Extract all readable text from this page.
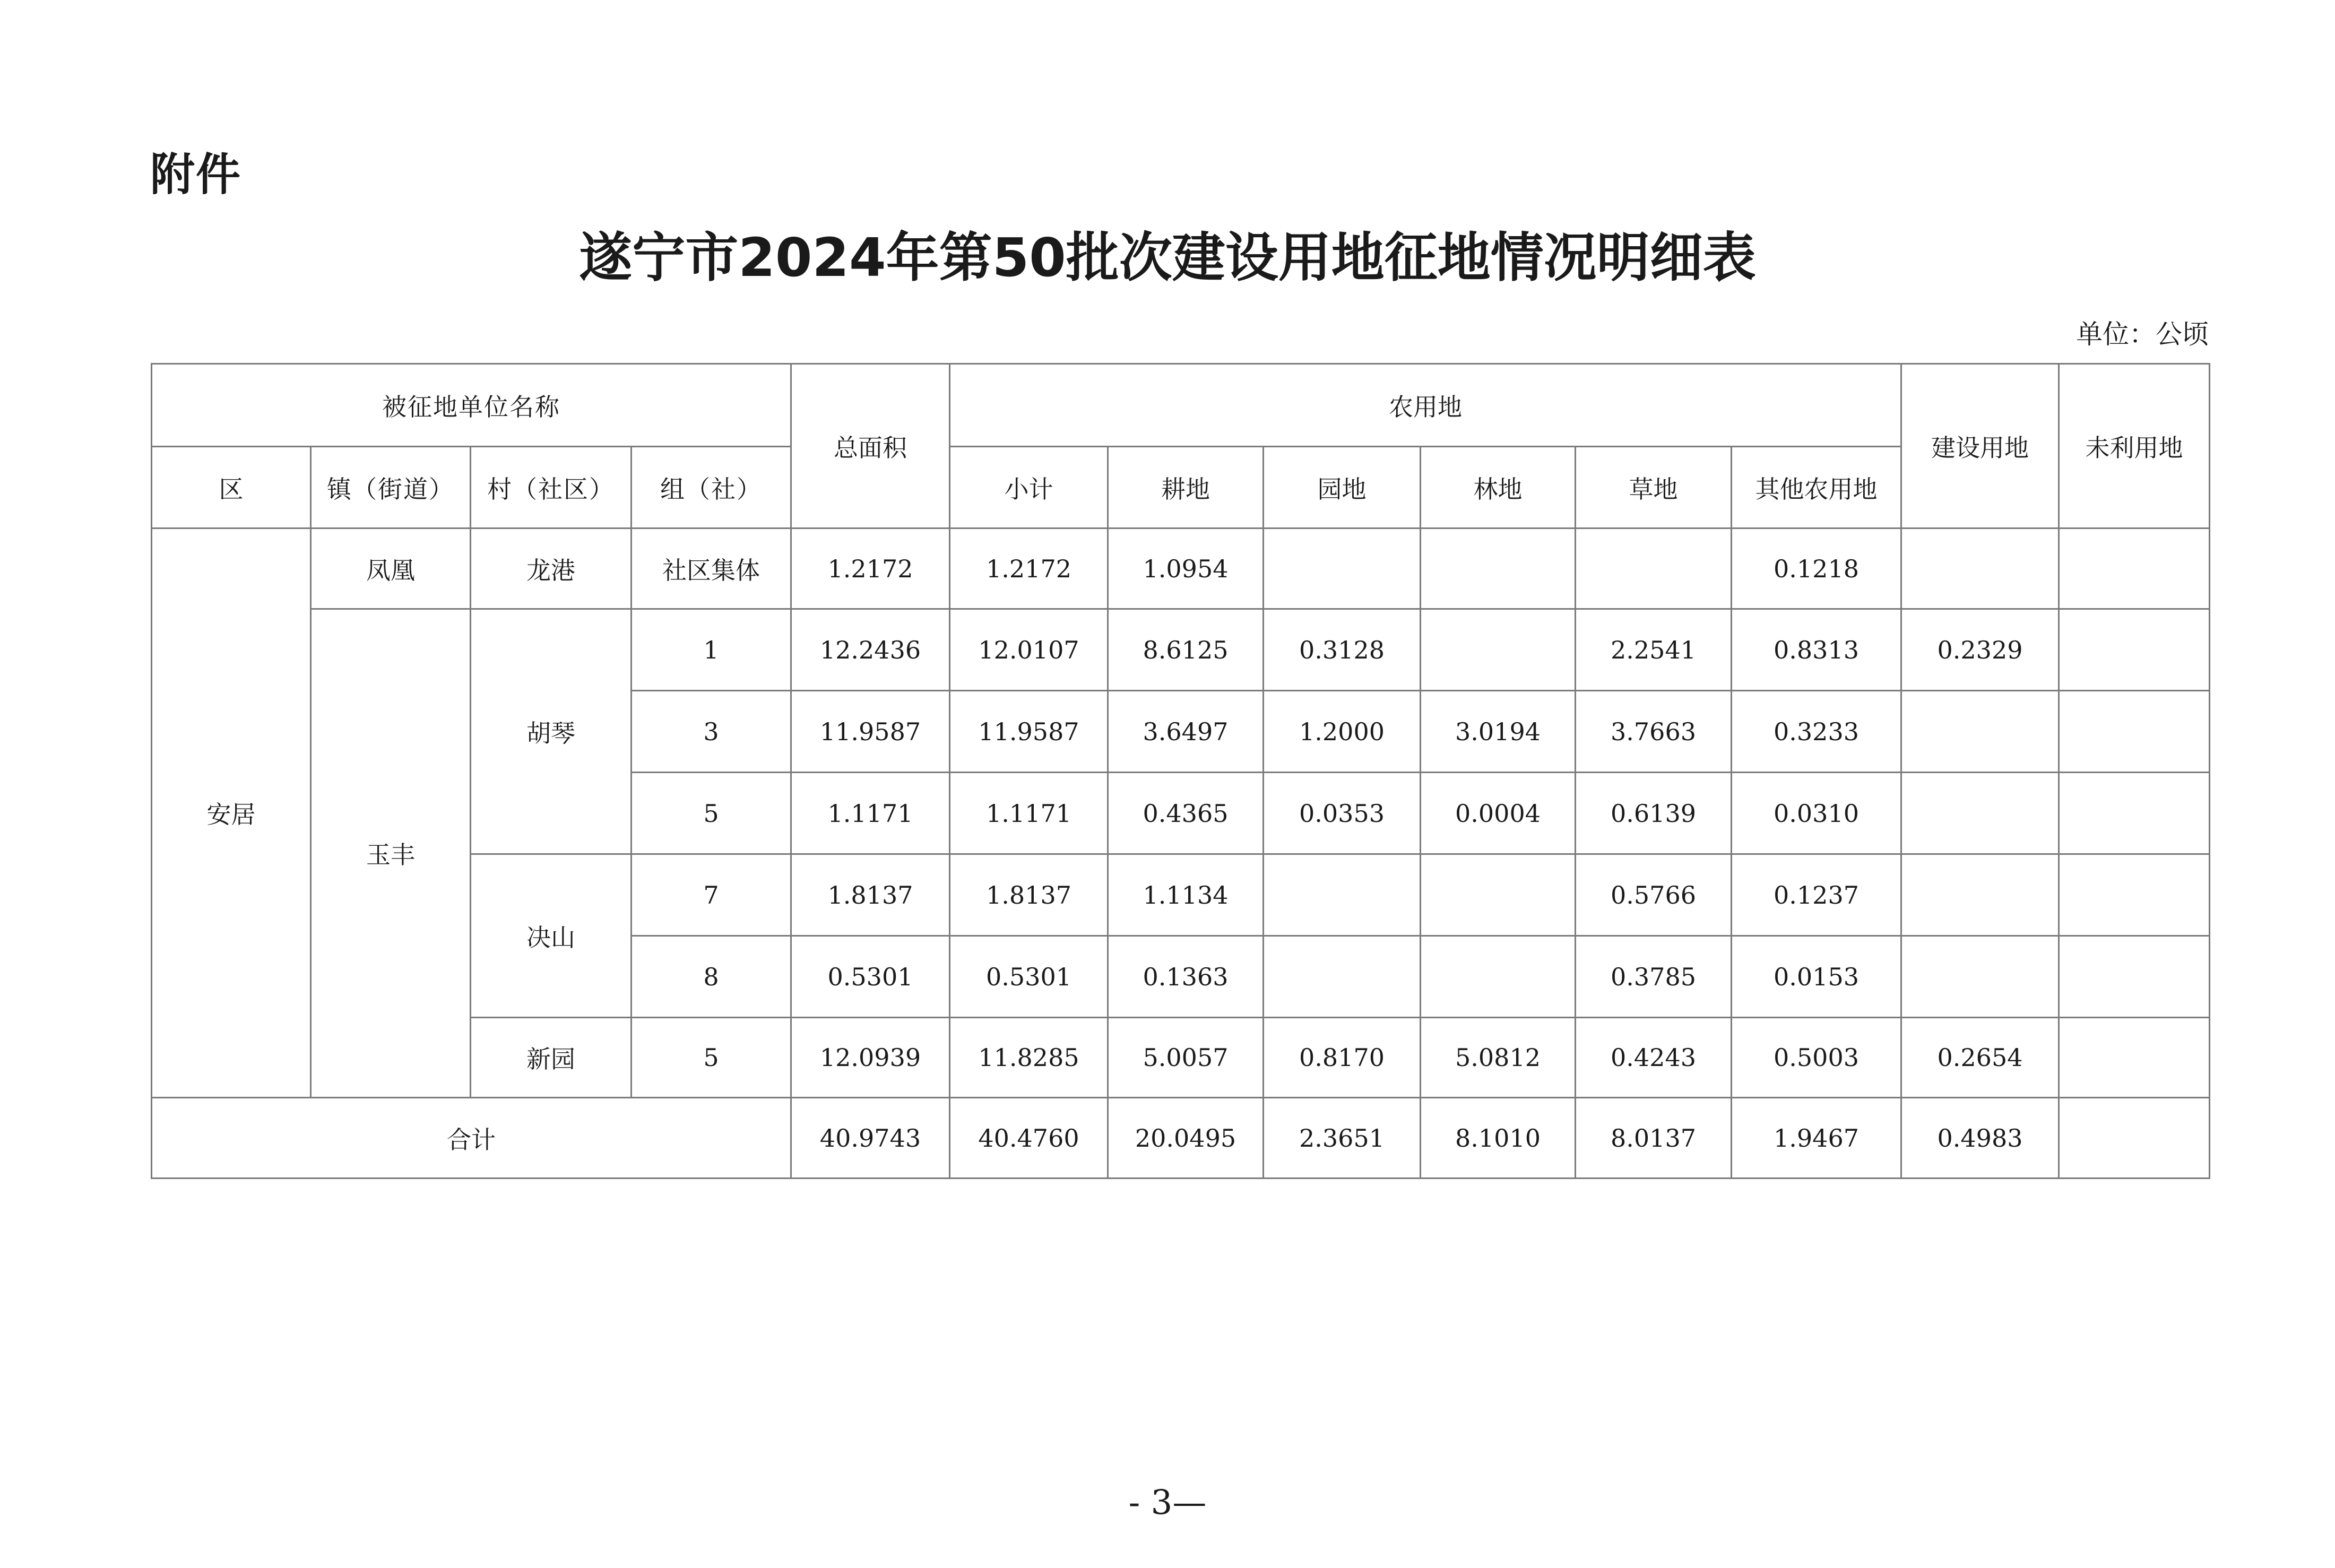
附件
遂宁市2024年第50批次建设用地征地情况明细表
单位：公顷
被征地单位名称				总面积	农用地						建设用地	未利用地
区	镇（街道）	村（社区）	组（社）		小计	耕地	园地	林地	草地	其他农用地		
安居	凤凰	龙港	社区集体	1.2172	1.2172	1.0954				0.1218		
	玉丰	胡琴	1	12.2436	12.0107	8.6125	0.3128		2.2541	0.8313	0.2329	
			3	11.9587	11.9587	3.6497	1.2000	3.0194	3.7663	0.3233		
			5	1.1171	1.1171	0.4365	0.0353	0.0004	0.6139	0.0310		
		决山	7	1.8137	1.8137	1.1134			0.5766	0.1237		
			8	0.5301	0.5301	0.1363			0.3785	0.0153		
		新园	5	12.0939	11.8285	5.0057	0.8170	5.0812	0.4243	0.5003	0.2654	
合计				40.9743	40.4760	20.0495	2.3651	8.1010	8.0137	1.9467	0.4983	
- 3—
